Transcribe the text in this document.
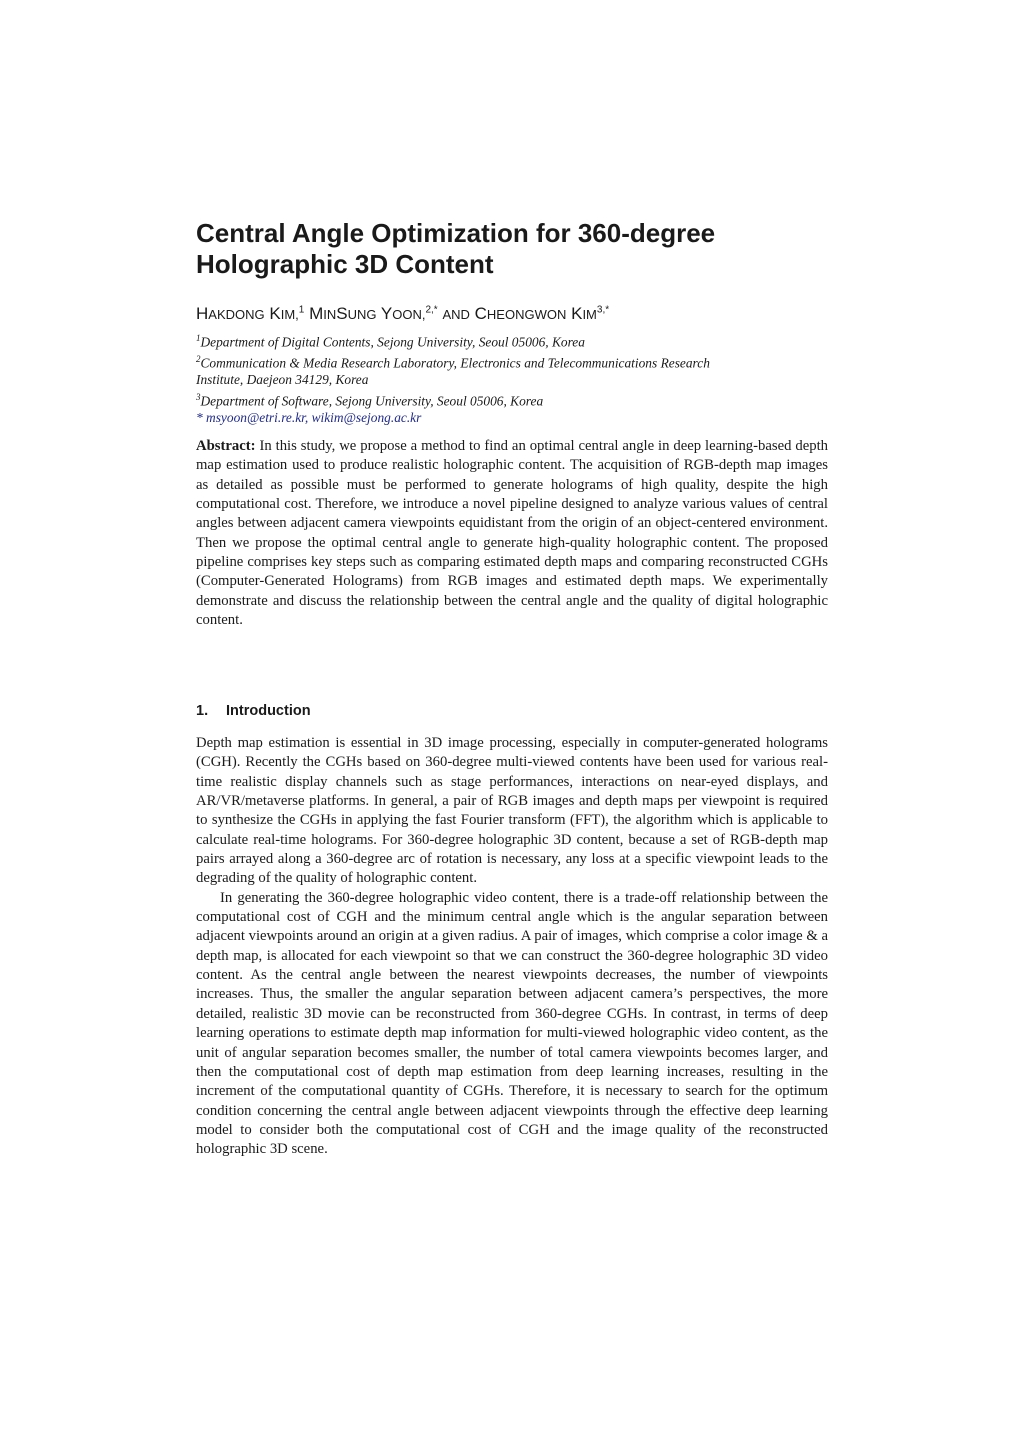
Central Angle Optimization for 360-degree
Holographic 3D Content
HAKDONG KIM,$^1$ MINSUNG YOON,$^{2,*}$ AND CHEONGWON $KIM^{3,*}$
$^1$Department of Digital Contents, Sejong University, Seoul 05006, Korea
$^2$Communication & Media Research Laboratory, Electronics and Telecommunications Research
Institute, Daejeon 34129, Korea
$^3$Department of Software, Sejong University, Seoul 05006, Korea
* msyoon@etri.re.kr, wikim@sejong.ac.kr

Abstract: In this study, we propose a method to find an optimal central angle in deep learning-based depth map estimation used to produce realistic holographic content. The acquisition of RGB-depth map images as detailed as possible must be performed to generate holograms of high quality, despite the high computational cost. Therefore, we introduce a novel pipeline designed to analyze various values of central angles between adjacent camera viewpoints equidistant from the origin of an object-centered environment. Then we propose the optimal central angle to generate high-quality holographic content. The proposed pipeline comprises key steps such as comparing estimated depth maps and comparing reconstructed CGHs (Computer-Generated Holograms) from RGB images and estimated depth maps. We experimentally demonstrate and discuss the relationship between the central angle and the quality of digital holographic content.

1. Introduction

Depth map estimation is essential in 3D image processing, especially in computer-generated holograms (CGH). Recently the CGHs based on 360-degree multi-viewed contents have been used for various real-time realistic display channels such as stage performances, interactions on near-eyed displays, and AR/VR/metaverse platforms. In general, a pair of RGB images and depth maps per viewpoint is required to synthesize the CGHs in applying the fast Fourier transform (FFT), the algorithm which is applicable to calculate real-time holograms. For 360-degree holographic 3D content, because a set of RGB-depth map pairs arrayed along a 360-degree arc of rotation is necessary, any loss at a specific viewpoint leads to the degrading of the quality of holographic content.

In generating the 360-degree holographic video content, there is a trade-off relationship between the computational cost of CGH and the minimum central angle which is the angular separation between adjacent viewpoints around an origin at a given radius. A pair of images, which comprise a color image & a depth map, is allocated for each viewpoint so that we can construct the 360-degree holographic 3D video content. As the central angle between the nearest viewpoints decreases, the number of viewpoints increases. Thus, the smaller the angular separation between adjacent camera’s perspectives, the more detailed, realistic 3D movie can be reconstructed from 360-degree CGHs. In contrast, in terms of deep learning operations to estimate depth map information for multi-viewed holographic video content, as the unit of angular separation becomes smaller, the number of total camera viewpoints becomes larger, and then the computational cost of depth map estimation from deep learning increases, resulting in the increment of the computational quantity of CGHs. Therefore, it is necessary to search for the optimum condition concerning the central angle between adjacent viewpoints through the effective deep learning model to consider both the computational cost of CGH and the image quality of the reconstructed holographic 3D scene.
